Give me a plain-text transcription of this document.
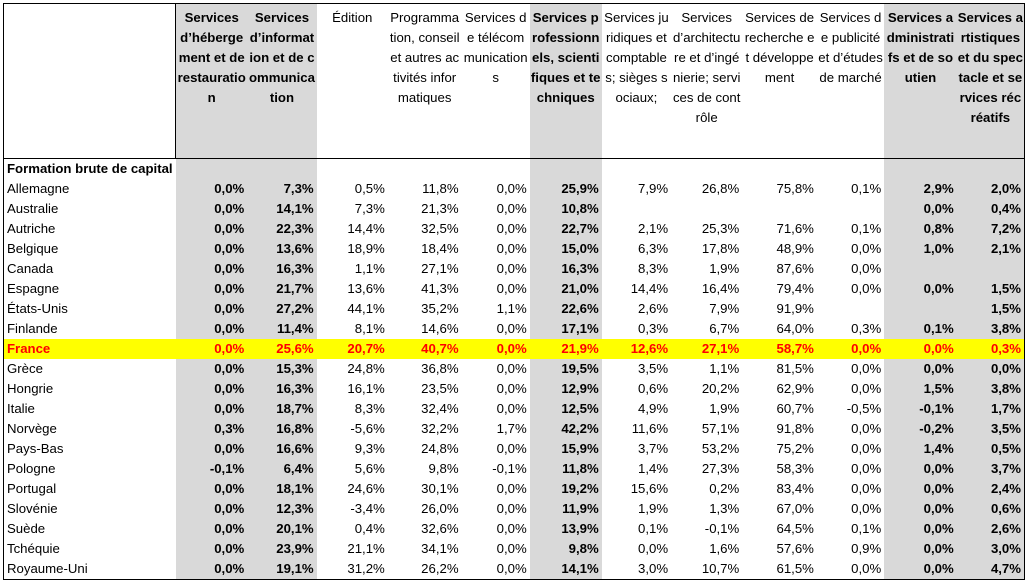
	Services d’hébergement et de restauration	Services d’information et de communication	Édition	Programmation, conseil et autres activités informatiques	Services de télécommunications	Services professionnels, scientifiques et techniques	Services juridiques et comptables; sièges sociaux;	Services d’architecture et d’ingénierie; services de contrôle	Services de recherche et développement	Services de publicité et d’études de marché	Services administratifs et de soutien	Services artistiques et du spectacle et services récréatifs
Formation brute de capital												
Allemagne	0,0%	7,3%	0,5%	11,8%	0,0%	25,9%	7,9%	26,8%	75,8%	0,1%	2,9%	2,0%
Australie	0,0%	14,1%	7,3%	21,3%	0,0%	10,8%					0,0%	0,4%
Autriche	0,0%	22,3%	14,4%	32,5%	0,0%	22,7%	2,1%	25,3%	71,6%	0,1%	0,8%	7,2%
Belgique	0,0%	13,6%	18,9%	18,4%	0,0%	15,0%	6,3%	17,8%	48,9%	0,0%	1,0%	2,1%
Canada	0,0%	16,3%	1,1%	27,1%	0,0%	16,3%	8,3%	1,9%	87,6%	0,0%		
Espagne	0,0%	21,7%	13,6%	41,3%	0,0%	21,0%	14,4%	16,4%	79,4%	0,0%	0,0%	1,5%
États-Unis	0,0%	27,2%	44,1%	35,2%	1,1%	22,6%	2,6%	7,9%	91,9%			1,5%
Finlande	0,0%	11,4%	8,1%	14,6%	0,0%	17,1%	0,3%	6,7%	64,0%	0,3%	0,1%	3,8%
France	0,0%	25,6%	20,7%	40,7%	0,0%	21,9%	12,6%	27,1%	58,7%	0,0%	0,0%	0,3%
Grèce	0,0%	15,3%	24,8%	36,8%	0,0%	19,5%	3,5%	1,1%	81,5%	0,0%	0,0%	0,0%
Hongrie	0,0%	16,3%	16,1%	23,5%	0,0%	12,9%	0,6%	20,2%	62,9%	0,0%	1,5%	3,8%
Italie	0,0%	18,7%	8,3%	32,4%	0,0%	12,5%	4,9%	1,9%	60,7%	-0,5%	-0,1%	1,7%
Norvège	0,3%	16,8%	-5,6%	32,2%	1,7%	42,2%	11,6%	57,1%	91,8%	0,0%	-0,2%	3,5%
Pays-Bas	0,0%	16,6%	9,3%	24,8%	0,0%	15,9%	3,7%	53,2%	75,2%	0,0%	1,4%	0,5%
Pologne	-0,1%	6,4%	5,6%	9,8%	-0,1%	11,8%	1,4%	27,3%	58,3%	0,0%	0,0%	3,7%
Portugal	0,0%	18,1%	24,6%	30,1%	0,0%	19,2%	15,6%	0,2%	83,4%	0,0%	0,0%	2,4%
Slovénie	0,0%	12,3%	-3,4%	26,0%	0,0%	11,9%	1,9%	1,3%	67,0%	0,0%	0,0%	0,6%
Suède	0,0%	20,1%	0,4%	32,6%	0,0%	13,9%	0,1%	-0,1%	64,5%	0,1%	0,0%	2,6%
Tchéquie	0,0%	23,9%	21,1%	34,1%	0,0%	9,8%	0,0%	1,6%	57,6%	0,9%	0,0%	3,0%
Royaume-Uni	0,0%	19,1%	31,2%	26,2%	0,0%	14,1%	3,0%	10,7%	61,5%	0,0%	0,0%	4,7%
